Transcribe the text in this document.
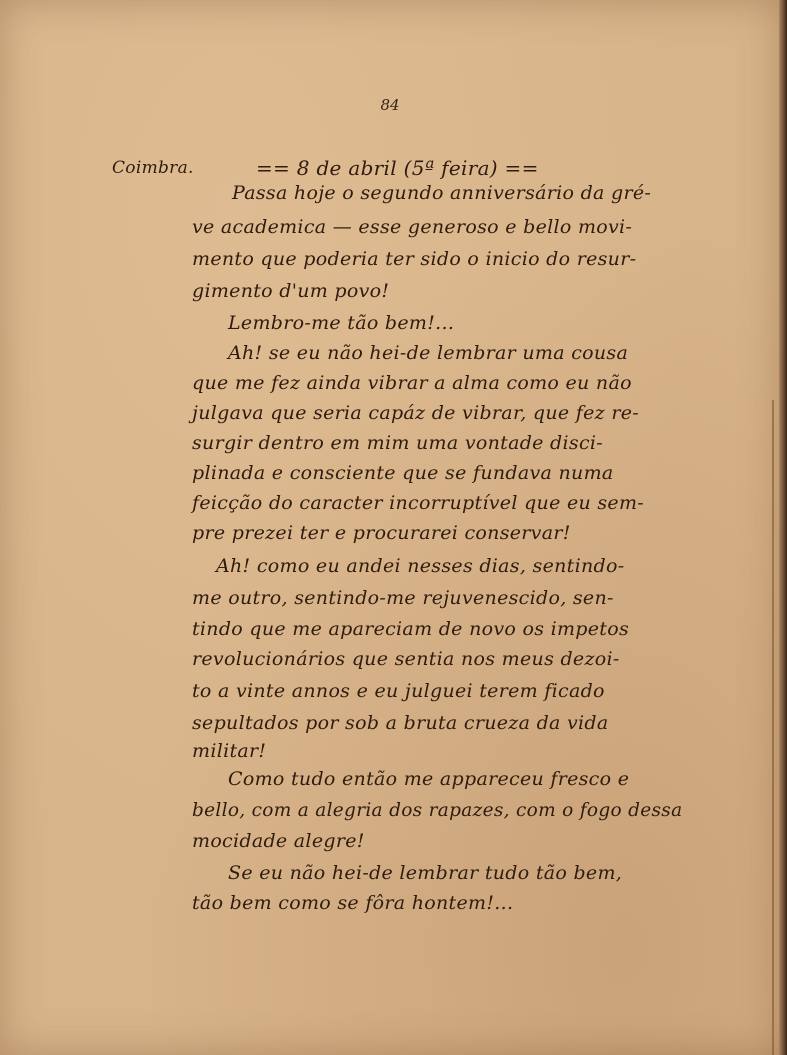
84
Coimbra.	== 8 de abril (5ª feira) ==
Passa hoje o segundo anniversário da gré-
ve academica — esse generoso e bello movi-
mento que poderia ter sido o inicio do resur-
gimento d'um povo!
Lembro-me tão bem!...
Ah! se eu não hei-de lembrar uma cousa
que me fez ainda vibrar a alma como eu não
julgava que seria capáz de vibrar, que fez re-
surgir dentro em mim uma vontade disci-
plinada e consciente que se fundava numa
feicção do caracter incorruptível que eu sem-
pre prezei ter e procurarei conservar!
Ah! como eu andei nesses dias, sentindo-
me outro, sentindo-me rejuvenescido, sen-
tindo que me apareciam de novo os impetos
revolucionários que sentia nos meus dezoi-
to a vinte annos e eu julguei terem ficado
sepultados por sob a bruta crueza da vida
militar!
Como tudo então me appareceu fresco e
bello, com a alegria dos rapazes, com o fogo dessa
mocidade alegre!
Se eu não hei-de lembrar tudo tão bem,
tão bem como se fôra hontem!...
